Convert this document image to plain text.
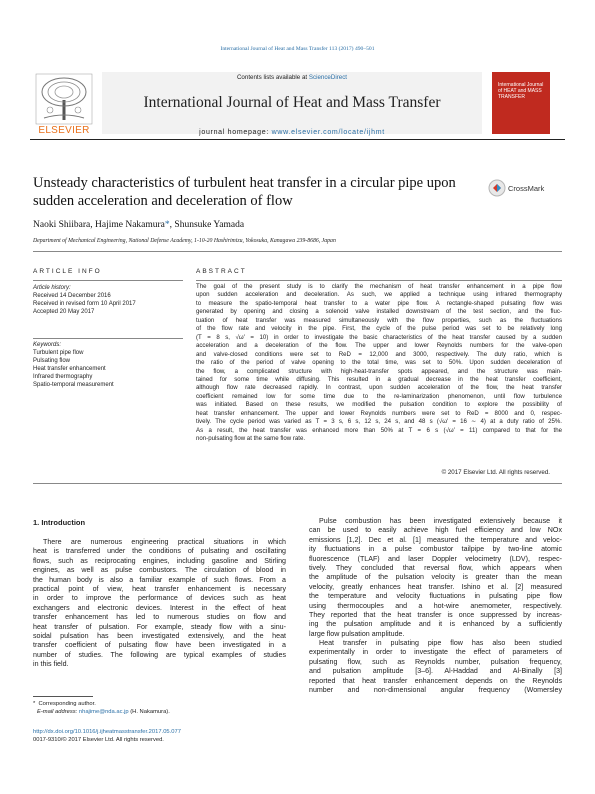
International Journal of Heat and Mass Transfer 113 (2017) 490–501
Contents lists available at ScienceDirect
International Journal of Heat and Mass Transfer
journal homepage: www.elsevier.com/locate/ijhmt
ELSEVIER
International Journal of HEAT and MASS TRANSFER
Unsteady characteristics of turbulent heat transfer in a circular pipe upon sudden acceleration and deceleration of flow
CrossMark
Naoki Shiibara, Hajime Nakamura*, Shunsuke Yamada
Department of Mechanical Engineering, National Defense Academy, 1-10-20 Hashirimizu, Yokosuka, Kanagawa 239-8686, Japan
ARTICLE INFO	ABSTRACT
Article history:
Received 14 December 2016
Received in revised form 10 April 2017
Accepted 20 May 2017
Keywords:
Turbulent pipe flow
Pulsating flow
Heat transfer enhancement
Infrared thermography
Spatio-temporal measurement
The goal of the present study is to clarify the mechanism of heat transfer enhancement in a pipe flow
upon sudden acceleration and deceleration. As such, we applied a technique using infrared thermography
to measure the spatio-temporal heat transfer to a water pipe flow. A rectangle-shaped pulsating flow was
generated by opening and closing a solenoid valve installed downstream of the test section, and the fluc-
tuation of heat transfer was measured simultaneously with the flow properties, such as the fluctuations
of the flow rate and velocity in the pipe. First, the cycle of the pulse period was set to be relatively long
(T = 8 s, √ω′ = 10) in order to investigate the basic characteristics of the heat transfer caused by a sudden
acceleration and a deceleration of the flow. The upper and lower Reynolds numbers for the valve-open
and valve-closed conditions were set to ReD = 12,000 and 3000, respectively. The duty ratio, which is
the ratio of the period of valve opening to the total time, was set to 50%. Upon sudden deceleration of
the flow, a complicated structure with high-heat-transfer spots appeared, and the structure was main-
tained for some time while diffusing. This resulted in a gradual decrease in the heat transfer coefficient,
although flow rate decreased rapidly. In contrast, upon sudden acceleration of the flow, the heat transfer
coefficient remained low for some time due to the re-laminarization phenomenon, until flow turbulence
was initiated. Based on these results, we modified the pulsation condition to explore the possibility of
heat transfer enhancement. The upper and lower Reynolds numbers were set to ReD = 8000 and 0, respec-
tively. The cycle period was varied as T = 3 s, 6 s, 12 s, 24 s, and 48 s (√ω′ = 16 ∼ 4) at a duty ratio of 25%.
As a result, the heat transfer was enhanced more than 50% at T = 6 s (√ω′ = 11) compared to that for the
non-pulsating flow at the same flow rate.
© 2017 Elsevier Ltd. All rights reserved.
1. Introduction
There are numerous engineering practical situations in which
heat is transferred under the conditions of pulsating and oscillating
flows, such as reciprocating engines, including gasoline and Stirling
engines, as well as pulse combustors. The circulation of blood in
the human body is also a familiar example of such flows. From a
practical point of view, heat transfer enhancement is necessary
in order to improve the performance of devices such as heat
exchangers and electronic devices. Interest in the effect of heat
transfer enhancement has led to numerous studies on flow and
heat transfer of pulsation. For example, steady flow with a sinu-
soidal pulsation has been investigated extensively, and the heat
transfer coefficient of pulsating flow have been investigated in a
number of studies. The following are typical examples of studies
in this field.
Pulse combustion has been investigated extensively because it
can be used to easily achieve high fuel efficiency and low NOx
emissions [1,2]. Dec et al. [1] measured the temperature and veloc-
ity fluctuations in a pulse combustor tailpipe by two-line atomic
fluorescence (TLAF) and laser Doppler velocimetry (LDV), respec-
tively. They concluded that reversal flow, which appears when
the amplitude of the pulsation velocity is greater than the mean
velocity, greatly enhances heat transfer. Ishino et al. [2] measured
the temperature and velocity fluctuations in pulsating pipe flow
using thermocouples and a hot-wire anemometer, respectively.
They reported that the heat transfer is once suppressed by increas-
ing the pulsation amplitude and it is enhanced by a sufficiently
large flow pulsation amplitude.
Heat transfer in pulsating pipe flow has also been studied
experimentally in order to investigate the effect of parameters of
pulsating flow, such as Reynolds number, pulsation frequency,
and pulsation amplitude [3–6]. Al-Haddad and Al-Binally [3]
reported that heat transfer enhancement depends on the Reynolds
number and non-dimensional angular frequency (Womersley
* Corresponding author.
E-mail address: nhajime@nda.ac.jp (H. Nakamura).
http://dx.doi.org/10.1016/j.ijheatmasstransfer.2017.05.077
0017-9310/© 2017 Elsevier Ltd. All rights reserved.
